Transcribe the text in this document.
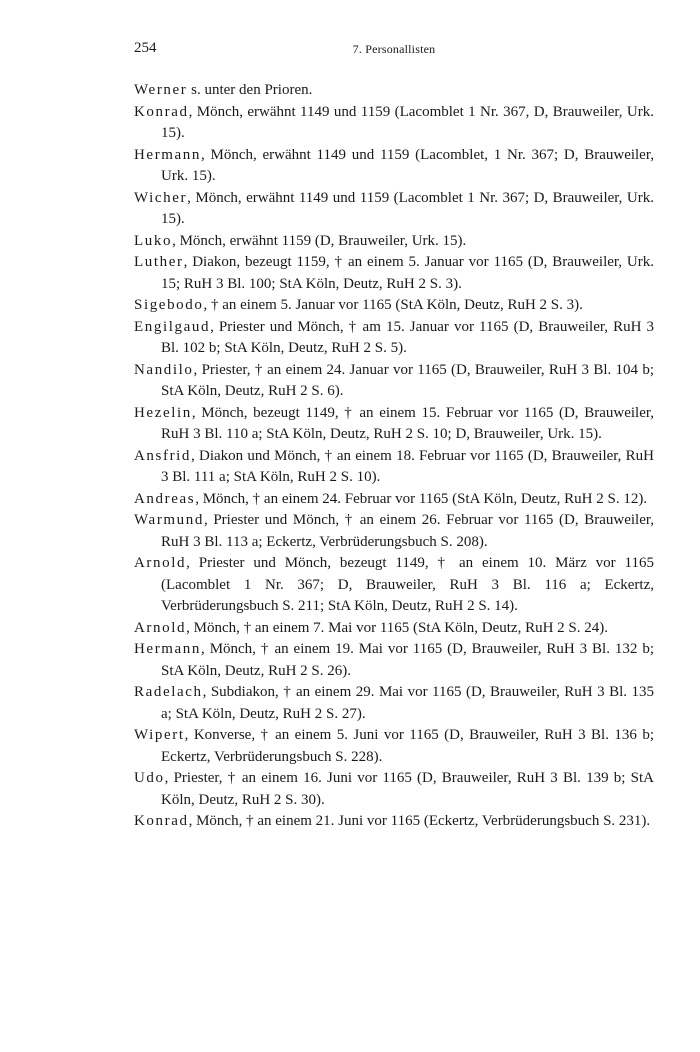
254	7. Personallisten

Werner s. unter den Prioren.

Konrad, Mönch, erwähnt 1149 und 1159 (Lacomblet 1 Nr. 367, D, Brauweiler, Urk. 15).

Hermann, Mönch, erwähnt 1149 und 1159 (Lacomblet, 1 Nr. 367; D, Brauweiler, Urk. 15).

Wicher, Mönch, erwähnt 1149 und 1159 (Lacomblet 1 Nr. 367; D, Brauweiler, Urk. 15).

Luko, Mönch, erwähnt 1159 (D, Brauweiler, Urk. 15).

Luther, Diakon, bezeugt 1159, † an einem 5. Januar vor 1165 (D, Brauweiler, Urk. 15; RuH 3 Bl. 100; StA Köln, Deutz, RuH 2 S. 3).

Sigebodo, † an einem 5. Januar vor 1165 (StA Köln, Deutz, RuH 2 S. 3).

Engilgaud, Priester und Mönch, † am 15. Januar vor 1165 (D, Brauweiler, RuH 3 Bl. 102 b; StA Köln, Deutz, RuH 2 S. 5).

Nandilo, Priester, † an einem 24. Januar vor 1165 (D, Brauweiler, RuH 3 Bl. 104 b; StA Köln, Deutz, RuH 2 S. 6).

Hezelin, Mönch, bezeugt 1149, † an einem 15. Februar vor 1165 (D, Brauweiler, RuH 3 Bl. 110 a; StA Köln, Deutz, RuH 2 S. 10; D, Brauweiler, Urk. 15).

Ansfrid, Diakon und Mönch, † an einem 18. Februar vor 1165 (D, Brauweiler, RuH 3 Bl. 111 a; StA Köln, RuH 2 S. 10).

Andreas, Mönch, † an einem 24. Februar vor 1165 (StA Köln, Deutz, RuH 2 S. 12).

Warmund, Priester und Mönch, † an einem 26. Februar vor 1165 (D, Brauweiler, RuH 3 Bl. 113 a; Eckertz, Verbrüderungsbuch S. 208).

Arnold, Priester und Mönch, bezeugt 1149, † an einem 10. März vor 1165 (Lacomblet 1 Nr. 367; D, Brauweiler, RuH 3 Bl. 116 a; Eckertz, Verbrüderungsbuch S. 211; StA Köln, Deutz, RuH 2 S. 14).

Arnold, Mönch, † an einem 7. Mai vor 1165 (StA Köln, Deutz, RuH 2 S. 24).

Hermann, Mönch, † an einem 19. Mai vor 1165 (D, Brauweiler, RuH 3 Bl. 132 b; StA Köln, Deutz, RuH 2 S. 26).

Radelach, Subdiakon, † an einem 29. Mai vor 1165 (D, Brauweiler, RuH 3 Bl. 135 a; StA Köln, Deutz, RuH 2 S. 27).

Wipert, Konverse, † an einem 5. Juni vor 1165 (D, Brauweiler, RuH 3 Bl. 136 b; Eckertz, Verbrüderungsbuch S. 228).

Udo, Priester, † an einem 16. Juni vor 1165 (D, Brauweiler, RuH 3 Bl. 139 b; StA Köln, Deutz, RuH 2 S. 30).

Konrad, Mönch, † an einem 21. Juni vor 1165 (Eckertz, Verbrüderungsbuch S. 231).
